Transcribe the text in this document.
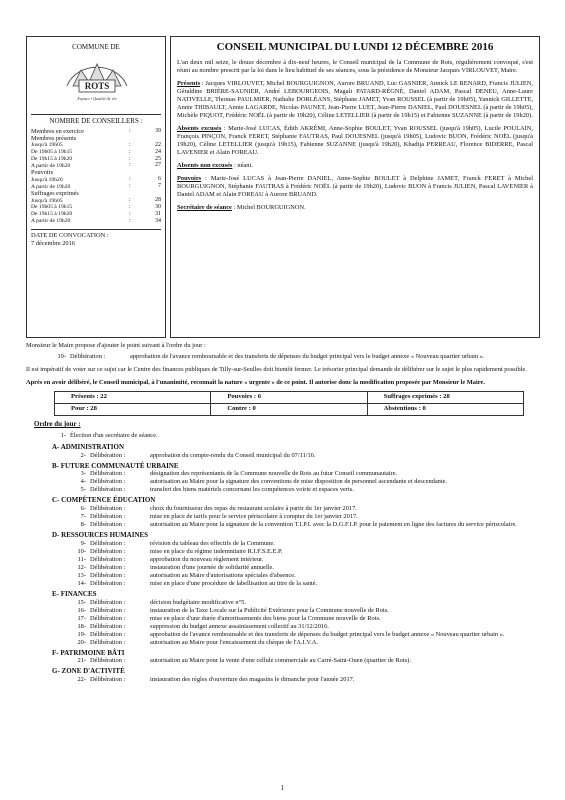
COMMUNE DE
ROTS
Espace • Qualité de vie
NOMBRE DE CONSEILLERS :
Membres en exercice	:	39
Membres présents		
Jusqu'à 19h05	:	22
De 19h05 à 19h15	:	24
De 19h15 à 19h20	:	25
A partir de 19h20	:	27
Pouvoirs		
Jusqu'à 19h20	:	6
A partir de 19h20	:	7
Suffrages exprimés		
Jusqu'à 19h05	:	28
De 19h05 à 19h15	:	30
De 19h15 à 19h20	:	31
A partir de 19h20	:	34
DATE DE CONVOCATION :
7 décembre 2016
CONSEIL MUNICIPAL DU LUNDI 12 DÉCEMBRE 2016
L'an deux mil seize, le douze décembre à dix-neuf heures, le Conseil municipal de la Commune de Rots, régulièrement convoqué, s'est réuni au nombre prescrit par la loi dans le lieu habituel de ses séances, sous la présidence de Monsieur Jacques VIRLOUVET, Maire.
Présents : Jacques VIRLOUVET, Michel BOURGUIGNON, Aurore BRUAND, Luc GASNIER, Annick LE RENARD, Francis JULIEN, Géraldine BRIÈRE-SAUNIER, André LEBOURGEOIS, Magali PATARD-RÉGNÉ, Daniel ADAM, Pascal DENEU, Anne-Laure NATIVELLE, Thomas PAULMIER, Nathalie DORLÉANS, Stéphane JAMET, Yvan ROUSSEL (à partir de 19h05), Yannick GILLETTE, Annie THIBAULT, Annie LAGARDE, Nicolas PAUNET, Jean-Pierre LUET, Jean-Pierre DANIEL, Paul DOUESNEL (à partir de 19h05), Michèle PIQUOT, Frédéric NOËL (à partir de 19h20), Céline LETELLIER (à partir de 19h15) et Fabienne SUZANNE (à partir de 19h20).
Absents excusés : Marie-José LUCAS, Édith AKRÉMI, Anne-Sophie BOULET, Yvan ROUSSEL (jusqu'à 19h05), Lucile POULAIN, François PINÇON, Franck FERET, Stéphanie FAUTRAS, Paul DOUESNEL (jusqu'à 19h05), Ludovic BUON, Frédéric NOËL (jusqu'à 19h20), Céline LETELLIER (jusqu'à 19h15), Fabienne SUZANNE (jusqu'à 19h20), Khadija PERREAU, Florence BIDERRE, Pascal LAVENIER et Alain FOREAU.
Absents non excusés : néant.
Pouvoirs : Marie-José LUCAS à Jean-Pierre DANIEL, Anne-Sophie BOULET à Delphine JAMET, Franck FERET à Michel BOURGUIGNON, Stéphanie FAUTRAS à Frédéric NOËL (à partir de 19h20), Ludovic BUON à Francis JULIEN, Pascal LAVENIER à Daniel ADAM et Alain FOREAU à Aurore BRUAND.
Secrétaire de séance : Michel BOURGUIGNON.
Monsieur le Maire propose d'ajouter le point suivant à l'ordre du jour :
19- Délibération :	approbation de l'avance remboursable et des transferts de dépenses du budget principal vers le budget annexe « Nouveau quartier urbain ».
Il est impératif de voter sur ce sujet car le Centre des finances publiques de Tilly-sur-Seulles doit bientôt fermer. Le trésorier principal demande de délibérer sur le sujet le plus rapidement possible.
Après en avoir délibéré, le Conseil municipal, à l'unanimité, reconnaît la nature « urgente » de ce point. Il autorise donc la modification proposée par Monsieur le Maire.
Présents : 22	Pouvoirs : 6	Suffrages exprimés : 28
Pour : 28	Contre : 0	Abstentions : 0
Ordre du jour :
1- Élection d'un secrétaire de séance.
A- ADMINISTRATION
2- Délibération :	approbation du compte-rendu du Conseil municipal du 07/11/16.
B- FUTURE COMMUNAUTÉ URBAINE
3- Délibération :	désignation des représentants de la Commune nouvelle de Rots au futur Conseil communautaire.
4- Délibération :	autorisation au Maire pour la signature des conventions de mise disposition de personnel ascendante et descendante.
5- Délibération :	transfert des biens matériels concernant les compétences voirie et espaces verts.
C- COMPÉTENCE ÉDUCATION
6- Délibération :	choix du fournisseur des repas du restaurant scolaire à partir du 1er janvier 2017.
7- Délibération :	mise en place de tarifs pour le service périscolaire à compter du 1er janvier 2017.
8- Délibération :	autorisation au Maire pour la signature de la convention T.I.P.I. avec la D.G.F.I.P. pour le paiement en ligne des factures du service périscolaire.
D- RESSOURCES HUMAINES
9- Délibération :	révision du tableau des effectifs de la Commune.
10- Délibération :	mise en place du régime indemnitaire R.I.F.S.E.E.P.
11- Délibération :	approbation du nouveau règlement intérieur.
12- Délibération :	instauration d'une journée de solidarité annuelle.
13- Délibération :	autorisation au Maire d'autorisations spéciales d'absence.
14- Délibération :	mise en place d'une procédure de labellisation au titre de la santé.
E- FINANCES
15- Délibération :	décision budgétaire modificative n°5.
16- Délibération :	instauration de la Taxe Locale sur la Publicité Extérieure pour la Commune nouvelle de Rots.
17- Délibération :	mise en place d'une durée d'amortissements des biens pour la Commune nouvelle de Rots.
18- Délibération :	suppression du budget annexe assainissement collectif au 31/12/2016.
19- Délibération :	approbation de l'avance remboursable et des transferts de dépenses du budget principal vers le budget annexe « Nouveau quartier urbain ».
20- Délibération :	autorisation au Maire pour l'encaissement du chèque de l'A.I.V.A.
F- PATRIMOINE BÂTI
21- Délibération :	autorisation au Maire pour la vente d'une cellule commerciale au Carré-Saint-Ouen (quartier de Rots).
G- ZONE D'ACTIVITÉ
22- Délibération :	instauration des règles d'ouverture des magasins le dimanche pour l'année 2017.
1
